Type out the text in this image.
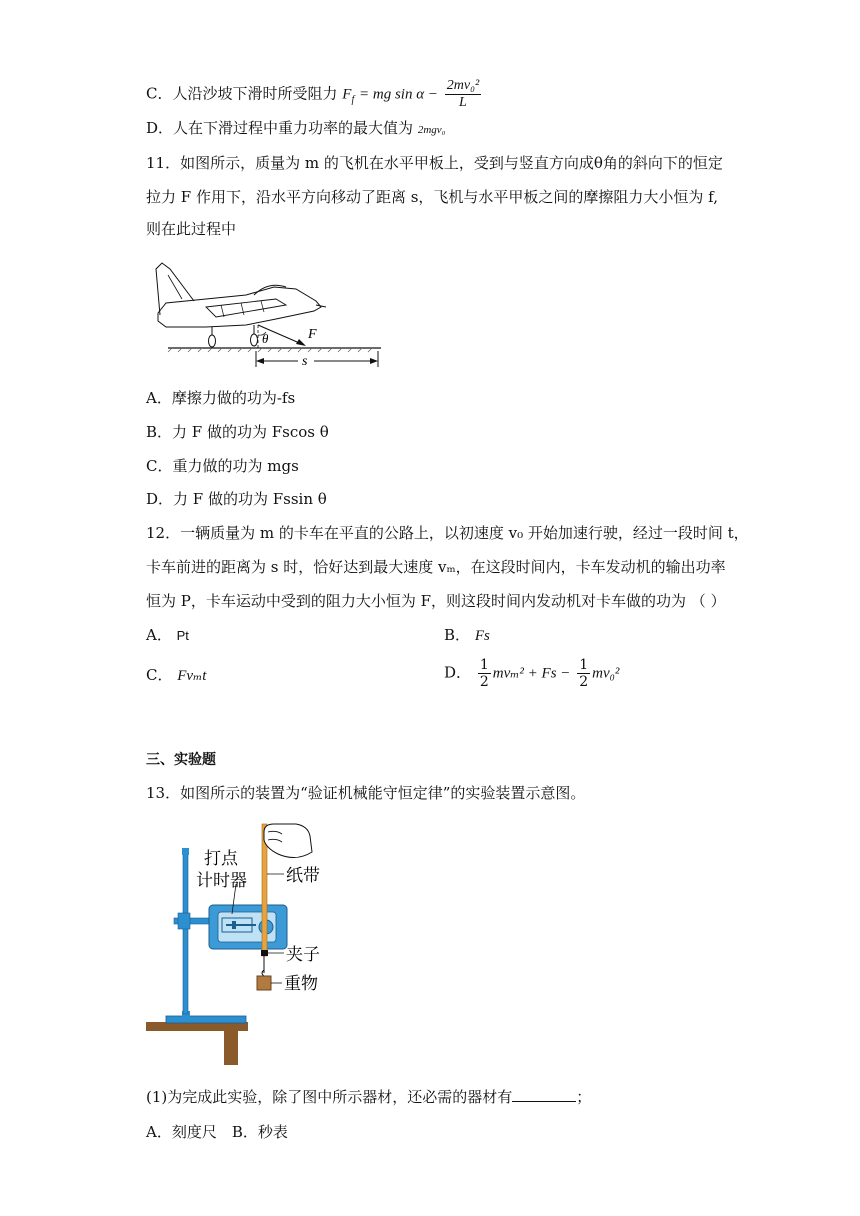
C．人沿沙坡下滑时所受阻力 $F_f$ = mg $\sin \alpha - \frac{\text{2mv₀²}}{L}$
D．人在下滑过程中重力功率的最大值为 2mgv₀
11．如图所示，质量为 m 的飞机在水平甲板上，受到与竖直方向成θ角的斜向下的恒定
拉力 F 作用下，沿水平方向移动了距离 s，飞机与水平甲板之间的摩擦阻力大小恒为 f,
则在此过程中
θ	F
s
A．摩擦力做的功为-fs
B．力 F 做的功为 Fscos θ
C．重力做的功为 mgs
D．力 F 做的功为 Fssin θ
12．一辆质量为 m 的卡车在平直的公路上，以初速度 v₀ 开始加速行驶，经过一段时间 t，
卡车前进的距离为 s 时，恰好达到最大速度 vₘ，在这段时间内，卡车发动机的输出功率
恒为 P，卡车运动中受到的阻力大小恒为 F，则这段时间内发动机对卡车做的功为 （ ）
A． Pt	B． Fs
C． Fvₘt	D． $\frac{1}{2} mv_m^2 + Fs - \frac{1}{2} mv_0^2$
三、实验题
13．如图所示的装置为“验证机械能守恒定律”的实验装置示意图。
打点
计时器 纸带
夹子
重物
(1)为完成此实验，除了图中所示器材，还必需的器材有	；
A．刻度尺　B．秒表
